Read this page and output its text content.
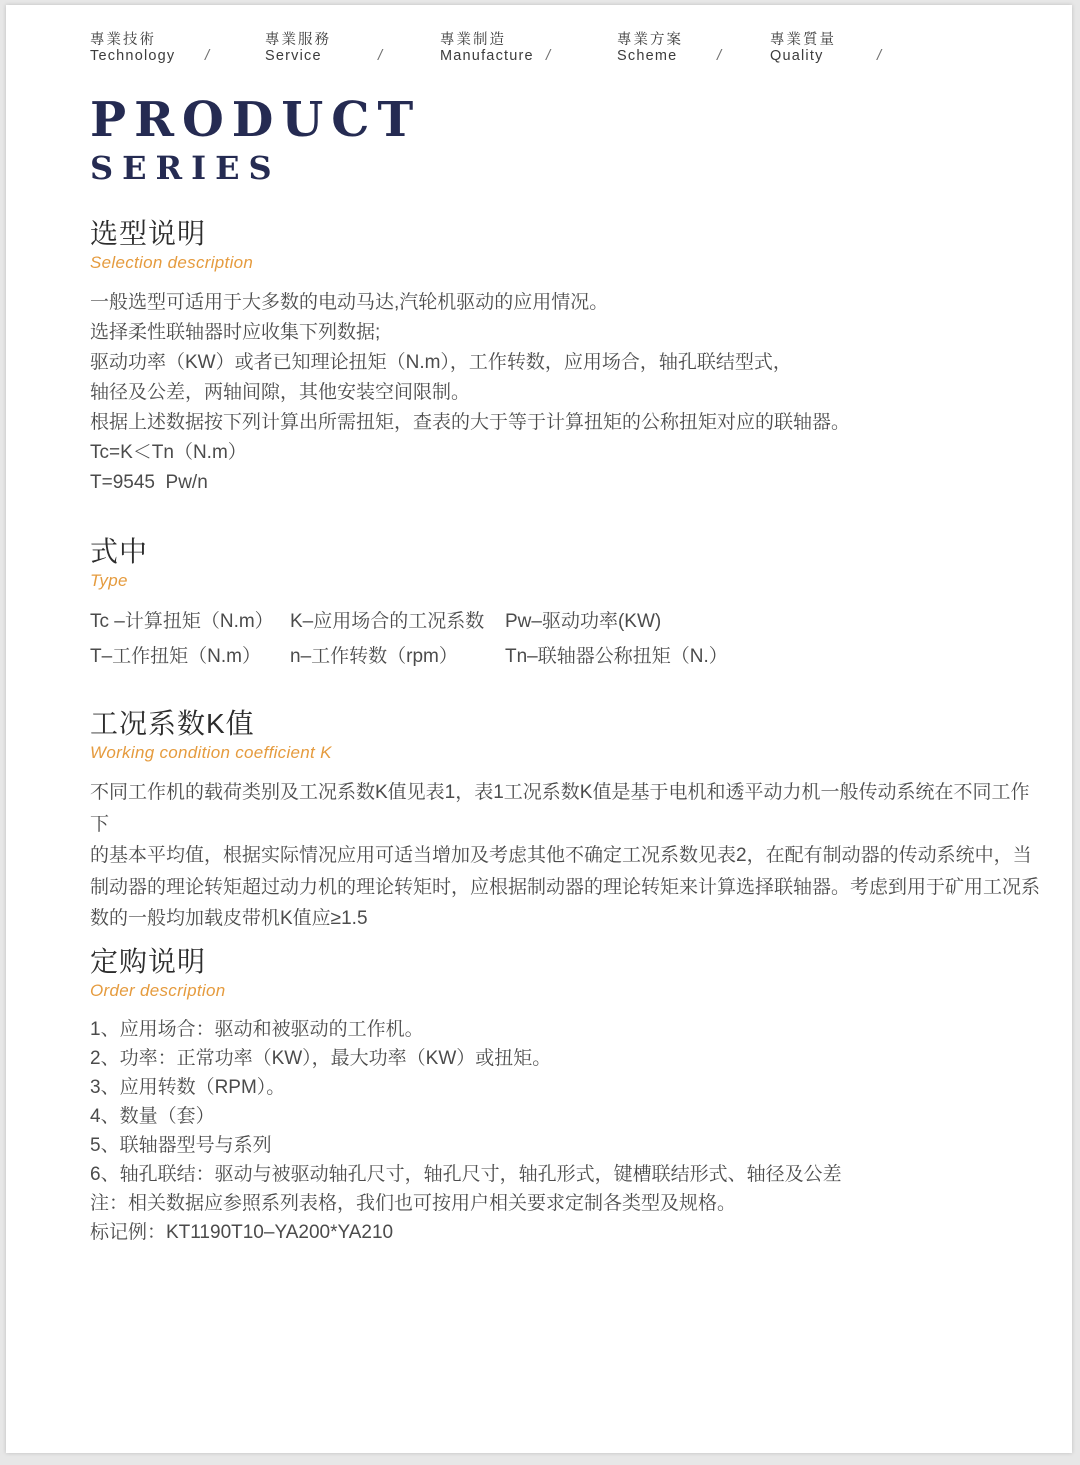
專業技術
Technology /
專業服務
Service	/
專業制造
Manufacture /
專業方案
Scheme	/
專業質量
Quality	/
PRODUCT
SERIES
选型说明
Selection description
一般选型可适用于大多数的电动马达,汽轮机驱动的应用情况。
选择柔性联轴器时应收集下列数据;
驱动功率（KW）或者已知理论扭矩（N.m），工作转数，应用场合，轴孔联结型式，
轴径及公差，两轴间隙，其他安装空间限制。
根据上述数据按下列计算出所需扭矩，查表的大于等于计算扭矩的公称扭矩对应的联轴器。
Tc=K＜Tn（N.m）
T=9545  Pw/n
式中
Type
Tc –计算扭矩（N.m） K–应用场合的工况系数	Pw–驱动功率(KW)
T–工作扭矩（N.m）	n–工作转数（rpm）	Tn–联轴器公称扭矩（N.）
工况系数K值
Working condition coefficient K
不同工作机的载荷类别及工况系数K值见表1，表1工况系数K值是基于电机和透平动力机一般传动系统在不同工作下
的基本平均值，根据实际情况应用可适当增加及考虑其他不确定工况系数见表2，在配有制动器的传动系统中，当
制动器的理论转矩超过动力机的理论转矩时，应根据制动器的理论转矩来计算选择联轴器。考虑到用于矿用工况系
数的一般均加载皮带机K值应≥1.5
定购说明
Order description
1、应用场合：驱动和被驱动的工作机。
2、功率：正常功率（KW），最大功率（KW）或扭矩。
3、应用转数（RPM）。
4、数量（套）
5、联轴器型号与系列
6、轴孔联结：驱动与被驱动轴孔尺寸，轴孔尺寸，轴孔形式，键槽联结形式、轴径及公差
注：相关数据应参照系列表格，我们也可按用户相关要求定制各类型及规格。
标记例：KT1190T10–YA200*YA210
